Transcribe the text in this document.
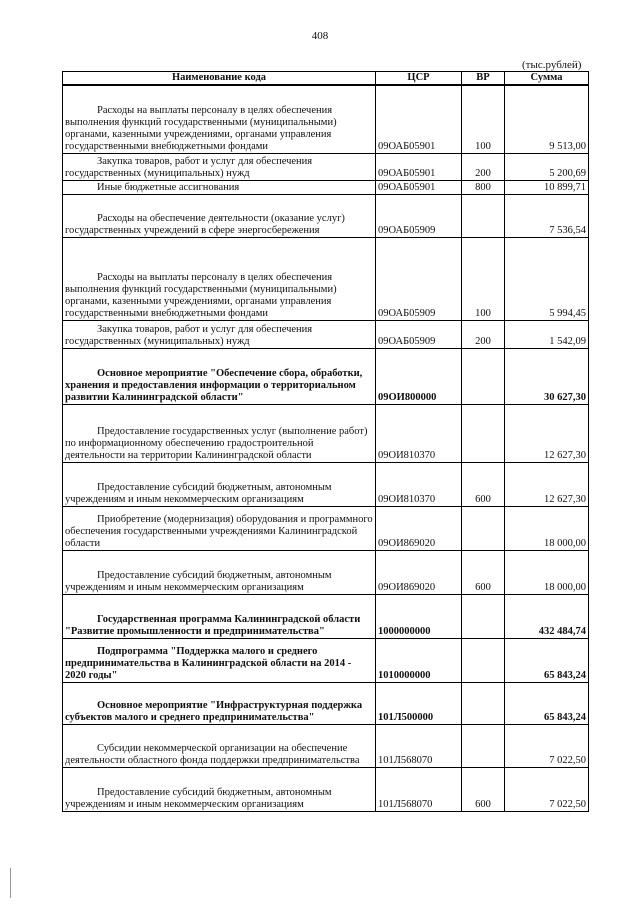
408
(тыс.рублей)
Наименование кода	ЦСР	ВР	Сумма
Расходы на выплаты персоналу в целях обеспечения выполнения функций государственными (муниципальными) органами, казенными учреждениями, органами управления государственными внебюджетными фондами	09ОАБ05901	100	9 513,00
Закупка товаров, работ и услуг для обеспечения государственных (муниципальных) нужд	09ОАБ05901	200	5 200,69
Иные бюджетные ассигнования	09ОАБ05901	800	10 899,71
Расходы на обеспечение деятельности (оказание услуг) государственных учреждений в сфере энергосбережения	09ОАБ05909		7 536,54
Расходы на выплаты персоналу в целях обеспечения выполнения функций государственными (муниципальными) органами, казенными учреждениями, органами управления государственными внебюджетными фондами	09ОАБ05909	100	5 994,45
Закупка товаров, работ и услуг для обеспечения государственных (муниципальных) нужд	09ОАБ05909	200	1 542,09
Основное мероприятие "Обеспечение сбора, обработки, хранения и предоставления информации о территориальном развитии Калининградской области"	09ОИ800000		30 627,30
Предоставление государственных услуг (выполнение работ) по информационному обеспечению градостроительной деятельности на территории Калининградской области	09ОИ810370		12 627,30
Предоставление субсидий бюджетным, автономным учреждениям и иным некоммерческим организациям	09ОИ810370	600	12 627,30
Приобретение (модернизация) оборудования и программного обеспечения государственными учреждениями Калининградской области	09ОИ869020		18 000,00
Предоставление субсидий бюджетным, автономным учреждениям и иным некоммерческим организациям	09ОИ869020	600	18 000,00
Государственная программа Калининградской области "Развитие промышленности и предпринимательства"	1000000000		432 484,74
Подпрограмма "Поддержка малого и среднего предпринимательства в Калининградской области на 2014 - 2020 годы"	1010000000		65 843,24
Основное мероприятие "Инфраструктурная поддержка субъектов малого и среднего предпринимательства"	101Л500000		65 843,24
Субсидии некоммерческой организации на обеспечение деятельности областного фонда поддержки предпринимательства	101Л568070		7 022,50
Предоставление субсидий бюджетным, автономным учреждениям и иным некоммерческим организациям	101Л568070	600	7 022,50
